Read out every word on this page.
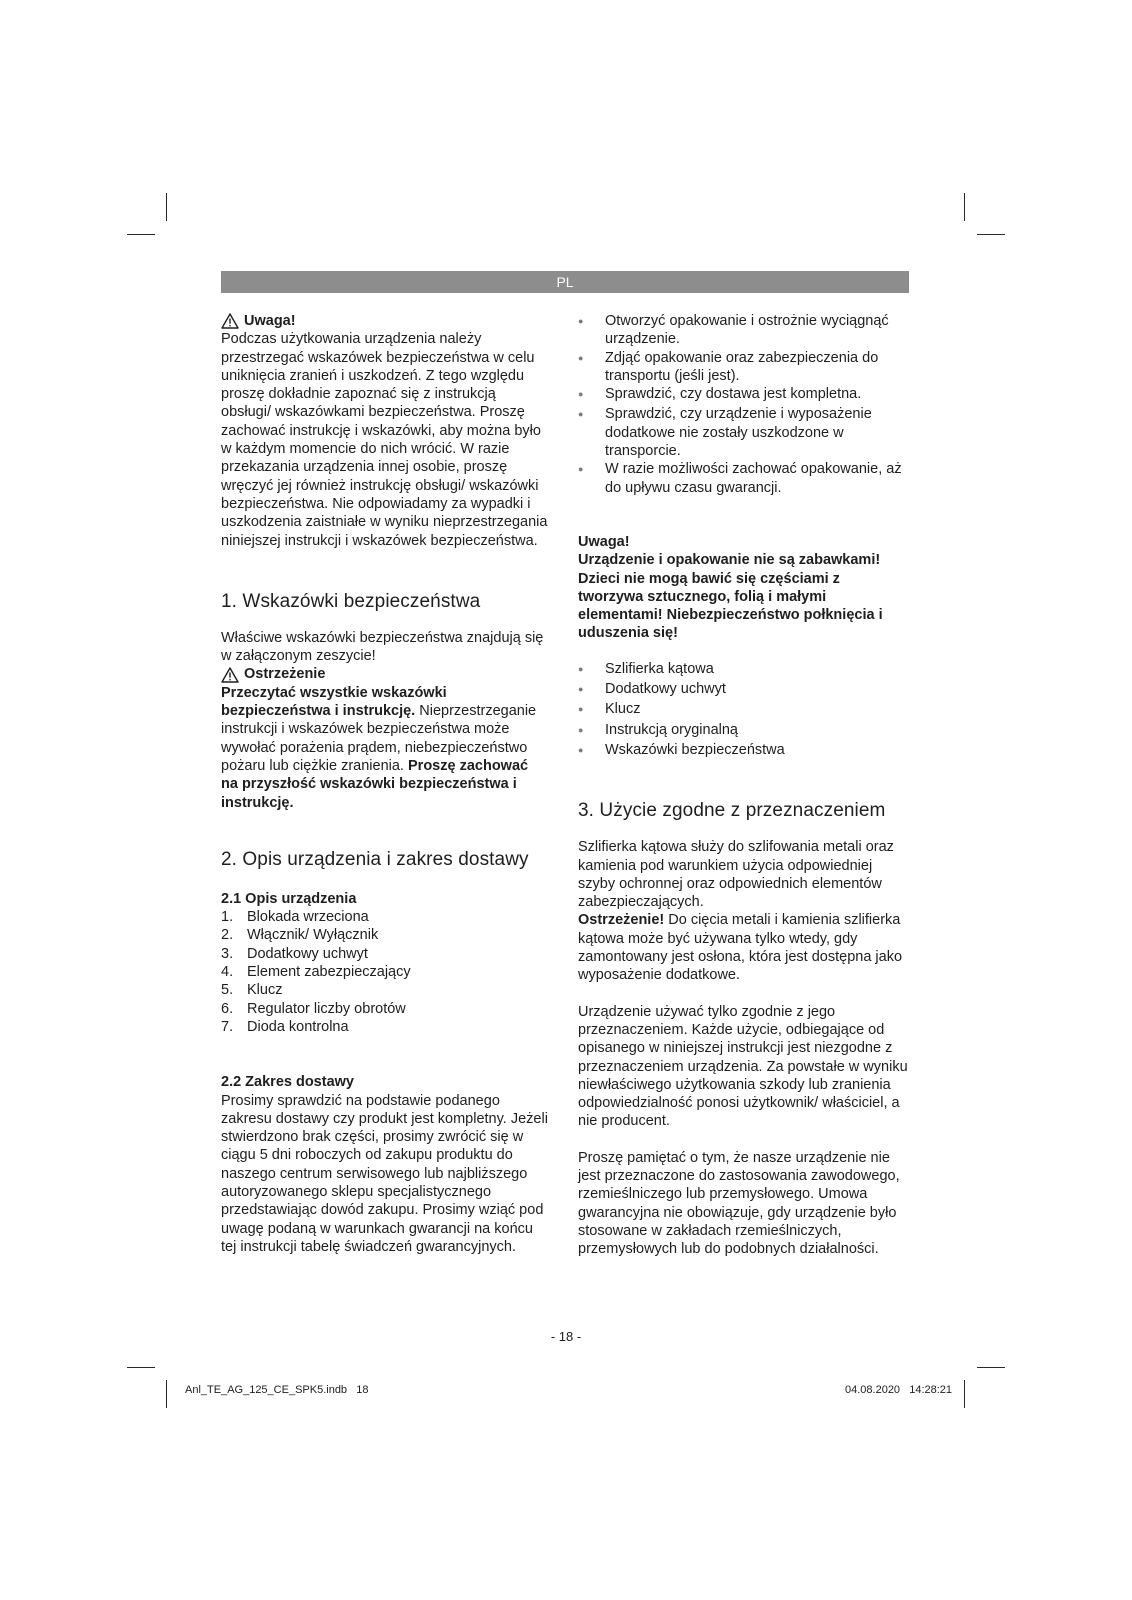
PL
Uwaga!

Podczas użytkowania urządzenia należy przestrzegać wskazówek bezpieczeństwa w celu uniknięcia zranień i uszkodzeń. Z tego względu proszę dokładnie zapoznać się z instrukcją obsługi/ wskazówkami bezpieczeństwa. Proszę zachować instrukcję i wskazówki, aby można było w każdym momencie do nich wrócić. W razie przekazania urządzenia innej osobie, proszę wręczyć jej również instrukcję obsługi/ wskazówki bezpieczeństwa. Nie odpowiadamy za wypadki i uszkodzenia zaistniałe w wyniku nieprzestrzegania niniejszej instrukcji i wskazówek bezpieczeństwa.

1. Wskazówki bezpieczeństwa

Właściwe wskazówki bezpieczeństwa znajdują się w załączonym zeszycie!

Ostrzeżenie

Przeczytać wszystkie wskazówki bezpieczeństwa i instrukcję. Nieprzestrzeganie instrukcji i wskazówek bezpieczeństwa może wywołać porażenia prądem, niebezpieczeństwo pożaru lub ciężkie zranienia. Proszę zachować na przyszłość wskazówki bezpieczeństwa i instrukcję.

2. Opis urządzenia i zakres dostawy
2.1 Opis urządzenia
1. Blokada wrzeciona
2. Włącznik/ Wyłącznik
3. Dodatkowy uchwyt
4. Element zabezpieczający
5. Klucz
6. Regulator liczby obrotów
7. Dioda kontrolna
2.2 Zakres dostawy

Prosimy sprawdzić na podstawie podanego zakresu dostawy czy produkt jest kompletny. Jeżeli stwierdzono brak części, prosimy zwrócić się w ciągu 5 dni roboczych od zakupu produktu do naszego centrum serwisowego lub najbliższego autoryzowanego sklepu specjalistycznego przedstawiając dowód zakupu. Prosimy wziąć pod uwagę podaną w warunkach gwarancji na końcu tej instrukcji tabelę świadczeń gwarancyjnych.

●
Otworzyć opakowanie i ostrożnie wyciągnąć urządzenie.
●
Zdjąć opakowanie oraz zabezpieczenia do transportu (jeśli jest).
●
Sprawdzić, czy dostawa jest kompletna.
●
Sprawdzić, czy urządzenie i wyposażenie dodatkowe nie zostały uszkodzone w transporcie.
●
W razie możliwości zachować opakowanie, aż do upływu czasu gwarancji.

Uwaga!

Urządzenie i opakowanie nie są zabawkami! Dzieci nie mogą bawić się częściami z tworzywa sztucznego, folią i małymi elementami! Niebezpieczeństwo połknięcia i uduszenia się!

●
Szlifierka kątowa
●
Dodatkowy uchwyt
●
Klucz
●
Instrukcją oryginalną
●
Wskazówki bezpieczeństwa
3. Użycie zgodne z przeznaczeniem

Szlifierka kątowa służy do szlifowania metali oraz kamienia pod warunkiem użycia odpowiedniej szyby ochronnej oraz odpowiednich elementów zabezpieczających.

Ostrzeżenie! Do cięcia metali i kamienia szlifierka kątowa może być używana tylko wtedy, gdy zamontowany jest osłona, która jest dostępna jako wyposażenie dodatkowe.

Urządzenie używać tylko zgodnie z jego przeznaczeniem. Każde użycie, odbiegające od opisanego w niniejszej instrukcji jest niezgodne z przeznaczeniem urządzenia. Za powstałe w wyniku niewłaściwego użytkowania szkody lub zranienia odpowiedzialność ponosi użytkownik/ właściciel, a nie producent.

Proszę pamiętać o tym, że nasze urządzenie nie jest przeznaczone do zastosowania zawodowego, rzemieślniczego lub przemysłowego. Umowa gwarancyjna nie obowiązuje, gdy urządzenie było stosowane w zakładach rzemieślniczych, przemysłowych lub do podobnych działalności.

- 18 -
Anl_TE_AG_125_CE_SPK5.indb   18	04.08.2020   14:28:21
